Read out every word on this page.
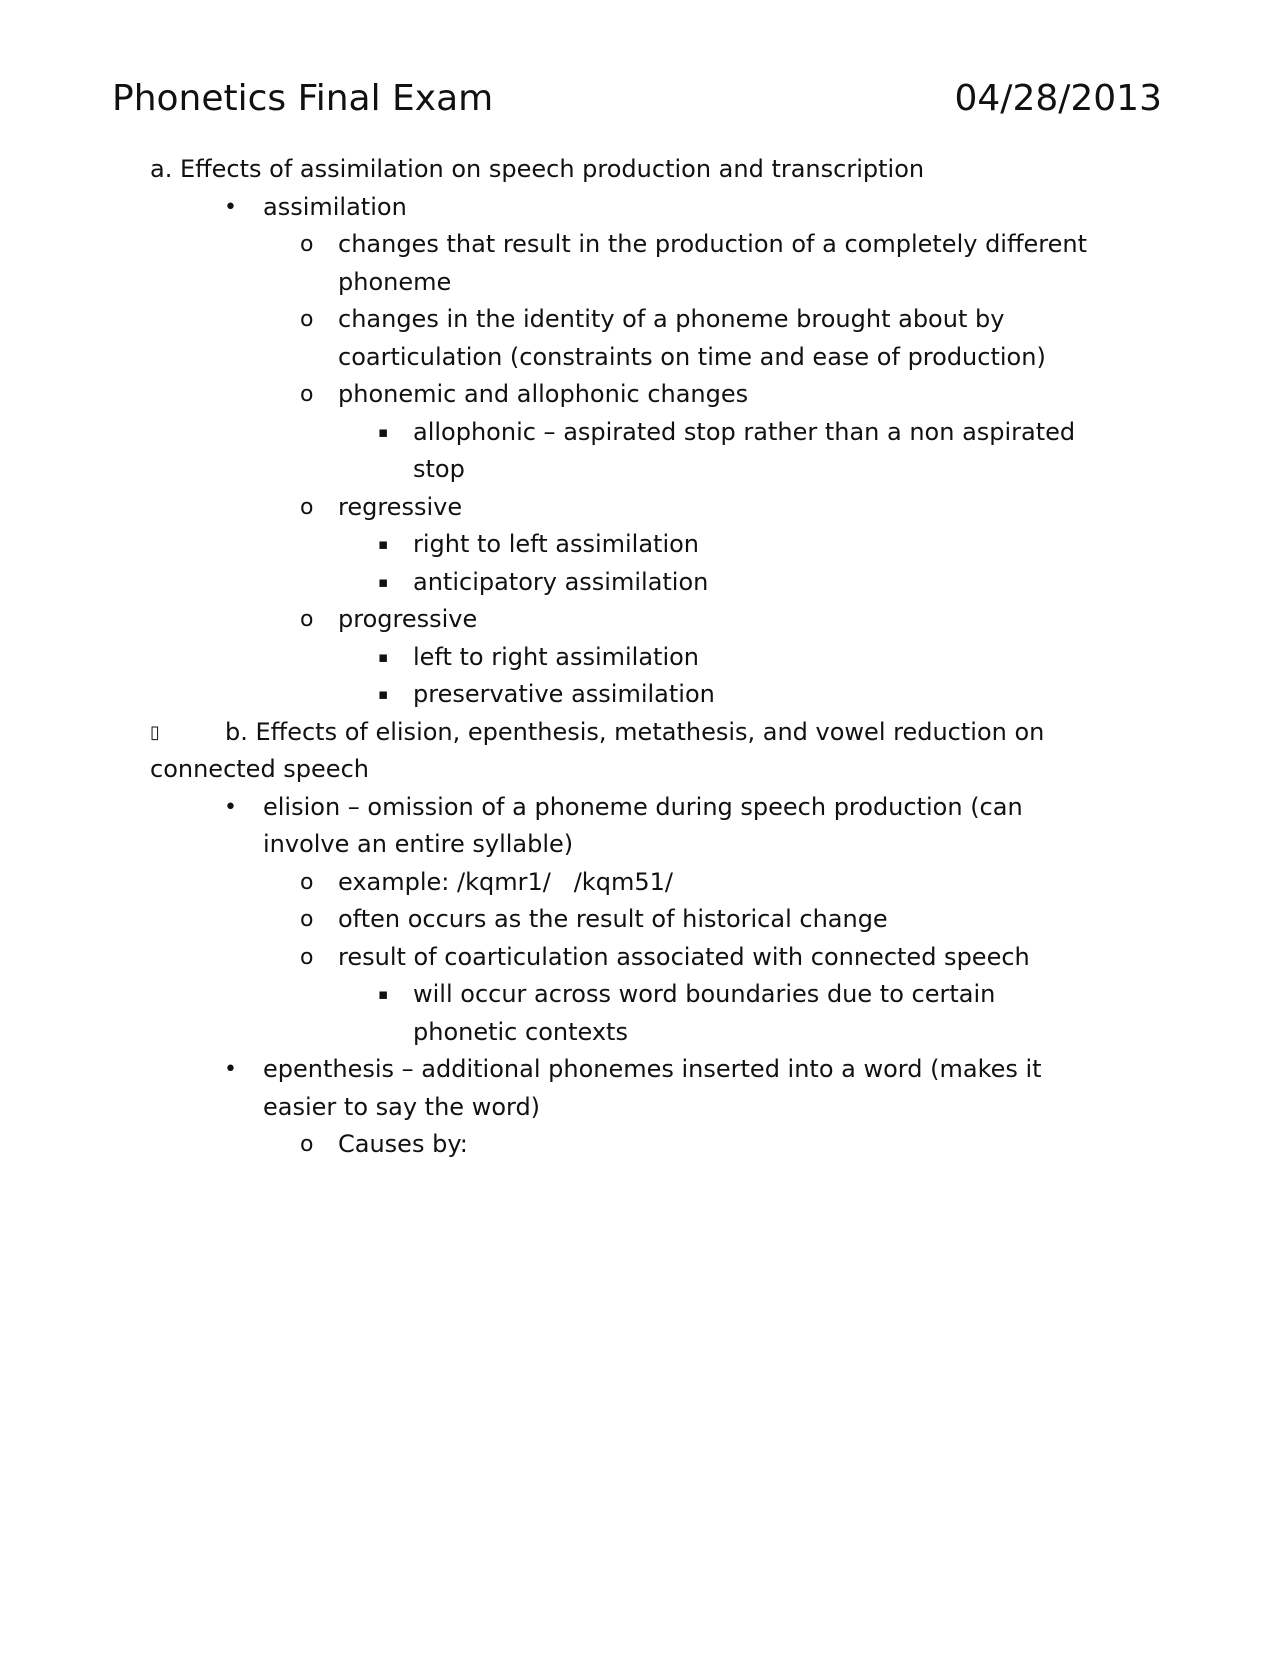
Phonetics Final Exam	04/28/2013
a. Effects of assimilation on speech production and transcription
• assimilation
o changes that result in the production of a completely different
phoneme
o changes in the identity of a phoneme brought about by
coarticulation (constraints on time and ease of production)
o phonemic and allophonic changes
▪ allophonic – aspirated stop rather than a non aspirated
stop
o regressive
▪ right to left assimilation
▪ anticipatory assimilation
o progressive
▪ left to right assimilation
▪ preservative assimilation
▯	b. Effects of elision, epenthesis, metathesis, and vowel reduction on
connected speech
• elision – omission of a phoneme during speech production (can
involve an entire syllable)
o example: /kqmr1/   /kqm51/
o often occurs as the result of historical change
o result of coarticulation associated with connected speech
▪ will occur across word boundaries due to certain
phonetic contexts
• epenthesis – additional phonemes inserted into a word (makes it
easier to say the word)
o Causes by:
